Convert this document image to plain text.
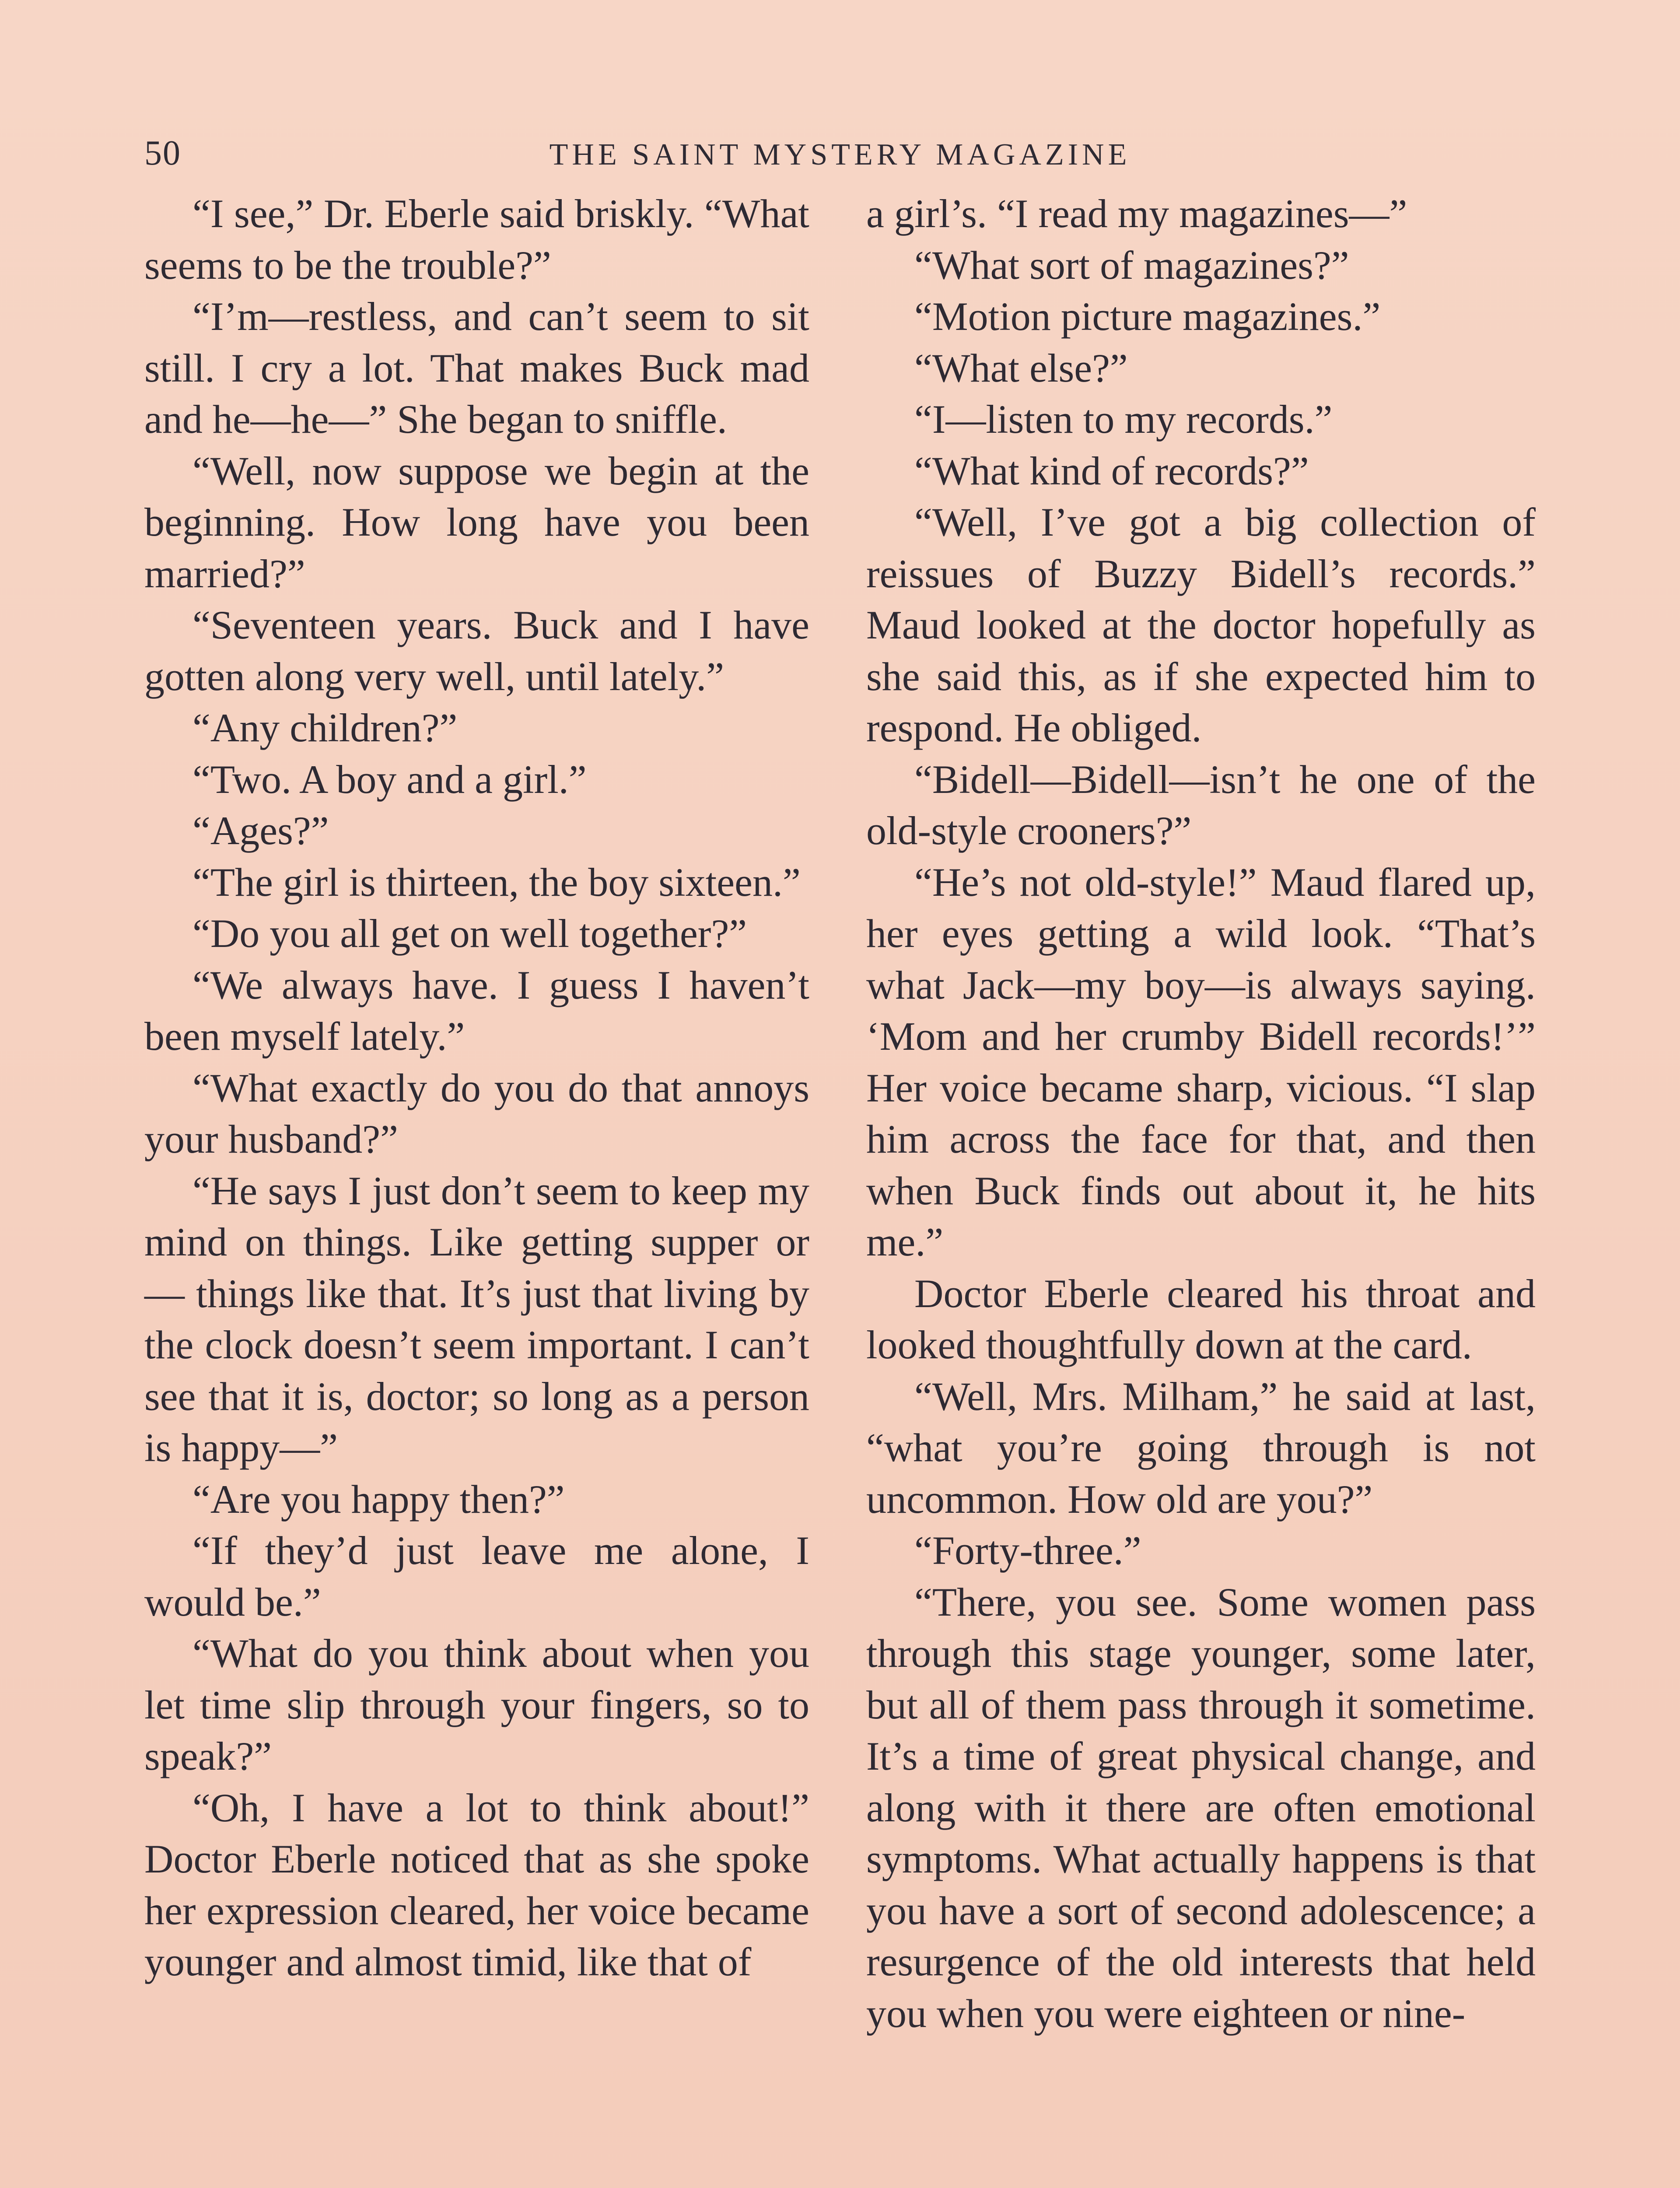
50	THE SAINT MYSTERY MAGAZINE

“I see,” Dr. Eberle said briskly. “What seems to be the trouble?”

“I’m—restless, and can’t seem to sit still. I cry a lot. That makes Buck mad and he—he—” She began to sniffle.

“Well, now suppose we begin at the beginning. How long have you been married?”

“Seventeen years. Buck and I have gotten along very well, until lately.”

“Any children?”

“Two. A boy and a girl.”

“Ages?”

“The girl is thirteen, the boy sixteen.”

“Do you all get on well together?”

“We always have. I guess I haven’t been myself lately.”

“What exactly do you do that annoys your husband?”

“He says I just don’t seem to keep my mind on things. Like getting supper or — things like that. It’s just that living by the clock doesn’t seem important. I can’t see that it is, doctor; so long as a person is happy—”

“Are you happy then?”

“If they’d just leave me alone, I would be.”

“What do you think about when you let time slip through your fingers, so to speak?”

“Oh, I have a lot to think about!” Doctor Eberle noticed that as she spoke her expression cleared, her voice became younger and almost timid, like that of

a girl’s. “I read my magazines—”

“What sort of magazines?”

“Motion picture magazines.”

“What else?”

“I—listen to my records.”

“What kind of records?”

“Well, I’ve got a big collection of reissues of Buzzy Bidell’s records.” Maud looked at the doctor hopefully as she said this, as if she expected him to respond. He obliged.

“Bidell—Bidell—isn’t he one of the old-style crooners?”

“He’s not old-style!” Maud flared up, her eyes getting a wild look. “That’s what Jack—my boy—is always saying. ‘Mom and her crumby Bidell records!’” Her voice became sharp, vicious. “I slap him across the face for that, and then when Buck finds out about it, he hits me.”

Doctor Eberle cleared his throat and looked thoughtfully down at the card.

“Well, Mrs. Milham,” he said at last, “what you’re going through is not uncommon. How old are you?”

“Forty-three.”

“There, you see. Some women pass through this stage younger, some later, but all of them pass through it sometime. It’s a time of great physical change, and along with it there are often emotional symptoms. What actually happens is that you have a sort of second adolescence; a resurgence of the old interests that held you when you were eighteen or nine-
